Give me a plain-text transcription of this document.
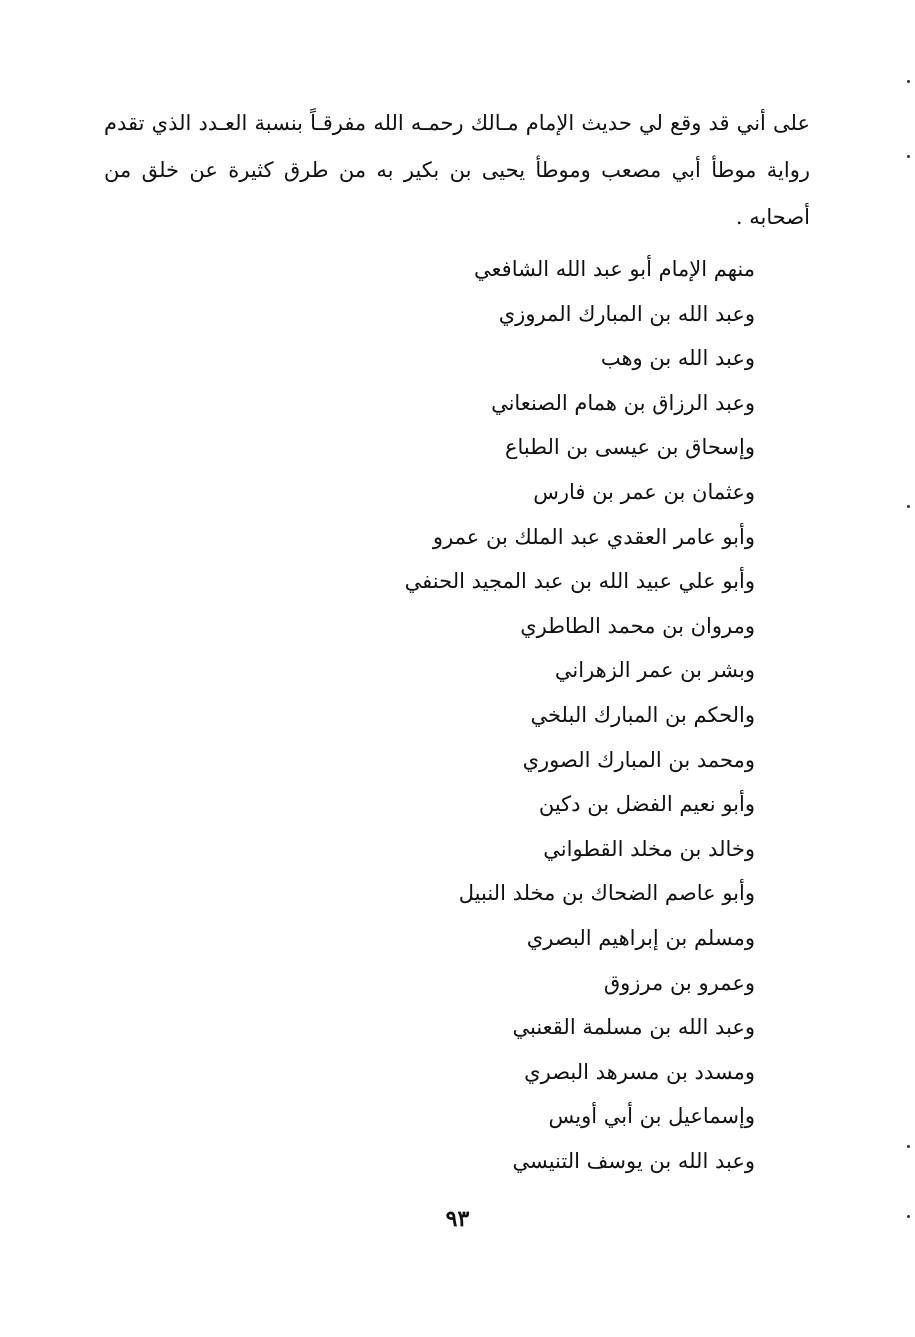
على أني قد وقع لي حديث الإمام مـالك رحمـه الله مفرقـاً بنسبة العـدد الذي تقدم رواية موطأ أبي مصعب وموطأ يحيى بن بكير به من طرق كثيرة عن خلق من أصحابه .

منهم الإمام أبو عبد الله الشافعي
وعبد الله بن المبارك المروزي
وعبد الله بن وهب
وعبد الرزاق بن همام الصنعاني
وإسحاق بن عيسى بن الطباع
وعثمان بن عمر بن فارس
وأبو عامر العقدي عبد الملك بن عمرو
وأبو علي عبيد الله بن عبد المجيد الحنفي
ومروان بن محمد الطاطري
وبشر بن عمر الزهراني
والحكم بن المبارك البلخي
ومحمد بن المبارك الصوري
وأبو نعيم الفضل بن دكين
وخالد بن مخلد القطواني
وأبو عاصم الضحاك بن مخلد النبيل
ومسلم بن إبراهيم البصري
وعمرو بن مرزوق
وعبد الله بن مسلمة القعنبي
ومسدد بن مسرهد البصري
وإسماعيل بن أبي أويس
وعبد الله بن يوسف التنيسي
٩٣
